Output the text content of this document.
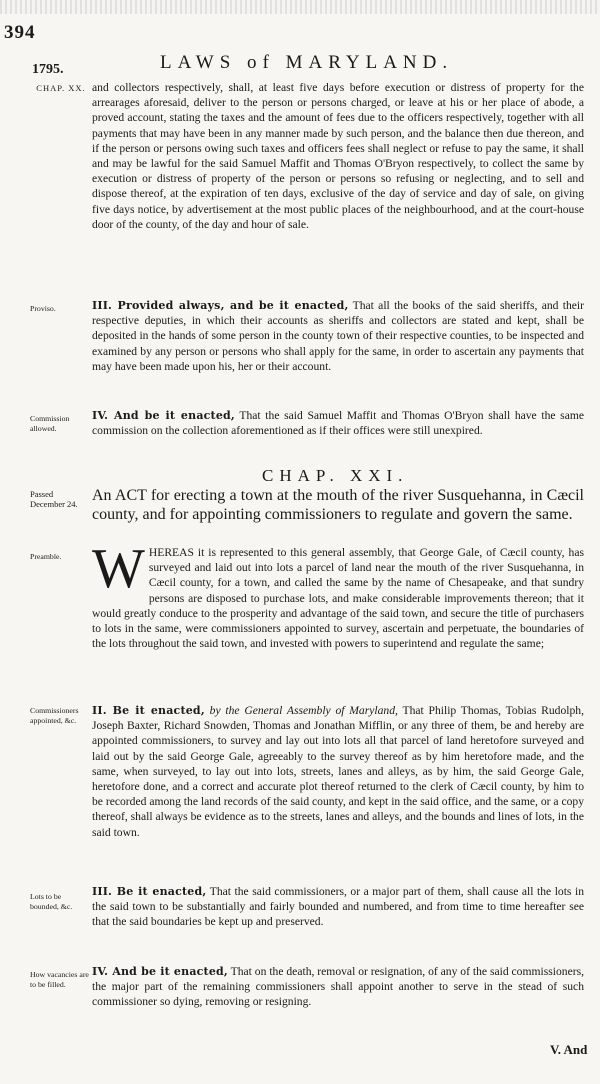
394
1795.	LAWS of MARYLAND.
CHAP. XX. and collectors respectively, shall, at least five days before execution or distress of property for the arrearages aforesaid, deliver to the person or persons charged, or leave at his or her place of abode, a proved account, stating the taxes and the amount of fees due to the officers respectively, together with all payments that may have been in any manner made by such person, and the balance then due thereon, and if the person or persons owing such taxes and officers fees shall neglect or refuse to pay the same, it shall and may be lawful for the said Samuel Maffit and Thomas O'Bryon respectively, to collect the same by execution or distress of property of the person or persons so refusing or neglecting, and to sell and dispose thereof, at the expiration of ten days, exclusive of the day of service and day of sale, on giving five days notice, by advertisement at the most public places of the neighbourhood, and at the court-house door of the county, of the day and hour of sale.
Proviso.	III. Provided always, and be it enacted, That all the books of the said sheriffs, and their respective deputies, in which their accounts as sheriffs and collectors are stated and kept, shall be deposited in the hands of some person in the county town of their respective counties, to be inspected and examined by any person or persons who shall apply for the same, in order to ascertain any payments that may have been made upon his, her or their account.
Commission allowed.
IV. And be it enacted, That the said Samuel Maffit and Thomas O'Bryon shall have the same commission on the collection aforementioned as if their offices were still unexpired.
CHAP. XXI.
Passed December 24. An ACT for erecting a town at the mouth of the river Susquehanna, in Cæcil county, and for appointing commissioners to regulate and govern the same.
Preamble. WHEREAS it is represented to this general assembly, that George Gale, of Cæcil county, has surveyed and laid out into lots a parcel of land near the mouth of the river Susquehanna, in Cæcil county, for a town, and called the same by the name of Chesapeake, and that sundry persons are disposed to purchase lots, and make considerable improvements thereon; that it would greatly conduce to the prosperity and advantage of the said town, and secure the title of purchasers to lots in the same, were commissioners appointed to survey, ascertain and perpetuate, the boundaries of the lots throughout the said town, and invested with powers to superintend and regulate the same;
Commissioners appointed, &c.
II. Be it enacted, by the General Assembly of Maryland, That Philip Thomas, Tobias Rudolph, Joseph Baxter, Richard Snowden, Thomas and Jonathan Mifflin, or any three of them, be and hereby are appointed commissioners, to survey and lay out into lots all that parcel of land heretofore surveyed and laid out by the said George Gale, agreeably to the survey thereof as by him heretofore made, and the same, when surveyed, to lay out into lots, streets, lanes and alleys, as by him, the said George Gale, heretofore done, and a correct and accurate plot thereof returned to the clerk of Cæcil county, by him to be recorded among the land records of the said county, and kept in the said office, and the same, or a copy thereof, shall always be evidence as to the streets, lanes and alleys, and the bounds and lines of lots, in the said town.
Lots to be bounded, &c.
III. Be it enacted, That the said commissioners, or a major part of them, shall cause all the lots in the said town to be substantially and fairly bounded and numbered, and from time to time hereafter see that the said boundaries be kept up and preserved.
How vacancies are to be filled.
IV. And be it enacted, That on the death, removal or resignation, of any of the said commissioners, the major part of the remaining commissioners shall appoint another to serve in the stead of such commissioner so dying, removing or resigning.
V. And
